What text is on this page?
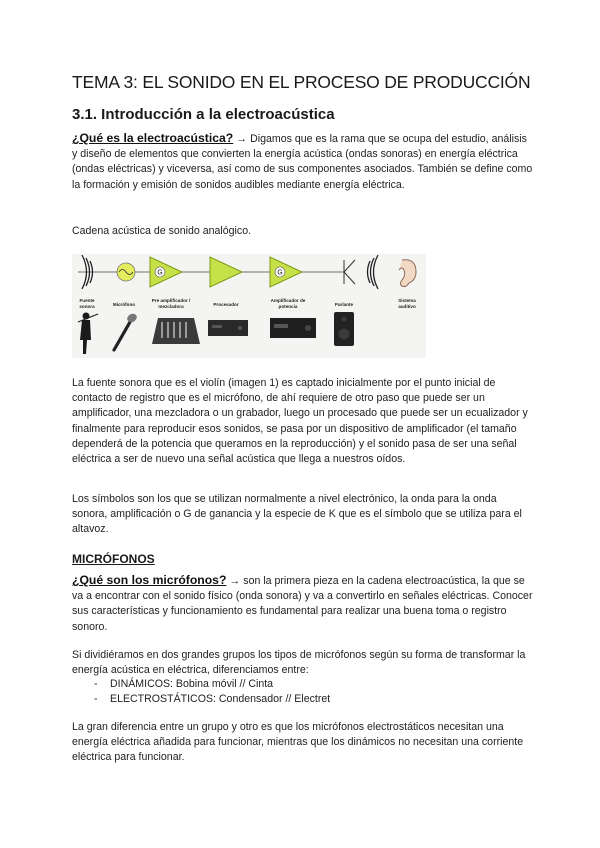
TEMA 3: EL SONIDO EN EL PROCESO DE PRODUCCIÓN
3.1. Introducción a la electroacústica
¿Qué es la electroacústica? → Digamos que es la rama que se ocupa del estudio, análisis y diseño de elementos que convierten la energía acústica (ondas sonoras) en energía eléctrica (ondas eléctricas) y viceversa, así como de sus componentes asociados. También se define como la formación y emisión de sonidos audibles mediante energía eléctrica.
Cadena acústica de sonido analógico.
G	G
Fuente sonora	Micrófono
Pre amplificador / mezcladora	Procesador
Amplificador de potencia	Parlante
Sistema auditivo
La fuente sonora que es el violín (imagen 1) es captado inicialmente por el punto inicial de contacto de registro que es el micrófono, de ahí requiere de otro paso que puede ser un amplificador, una mezcladora o un grabador, luego un procesado que puede ser un ecualizador y finalmente para reproducir esos sonidos, se pasa por un dispositivo de amplificador (el tamaño dependerá de la potencia que queramos en la reproducción) y el sonido pasa de ser una señal eléctrica a ser de nuevo una señal acústica que llega a nuestros oídos.
Los símbolos son los que se utilizan normalmente a nivel electrónico, la onda para la onda sonora, amplificación o G de ganancia y la especie de K que es el símbolo que se utiliza para el altavoz.
MICRÓFONOS
¿Qué son los micrófonos? → son la primera pieza en la cadena electroacústica, la que se va a encontrar con el sonido físico (onda sonora) y va a convertirlo en señales eléctricas. Conocer sus características y funcionamiento es fundamental para realizar una buena toma o registro sonoro.
Si dividiéramos en dos grandes grupos los tipos de micrófonos según su forma de transformar la energía acústica en eléctrica, diferenciamos entre:
-	DINÁMICOS: Bobina móvil // Cinta
-	ELECTROSTÁTICOS: Condensador // Electret
La gran diferencia entre un grupo y otro es que los micrófonos electrostáticos necesitan una energía eléctrica añadida para funcionar, mientras que los dinámicos no necesitan una corriente eléctrica para funcionar.
